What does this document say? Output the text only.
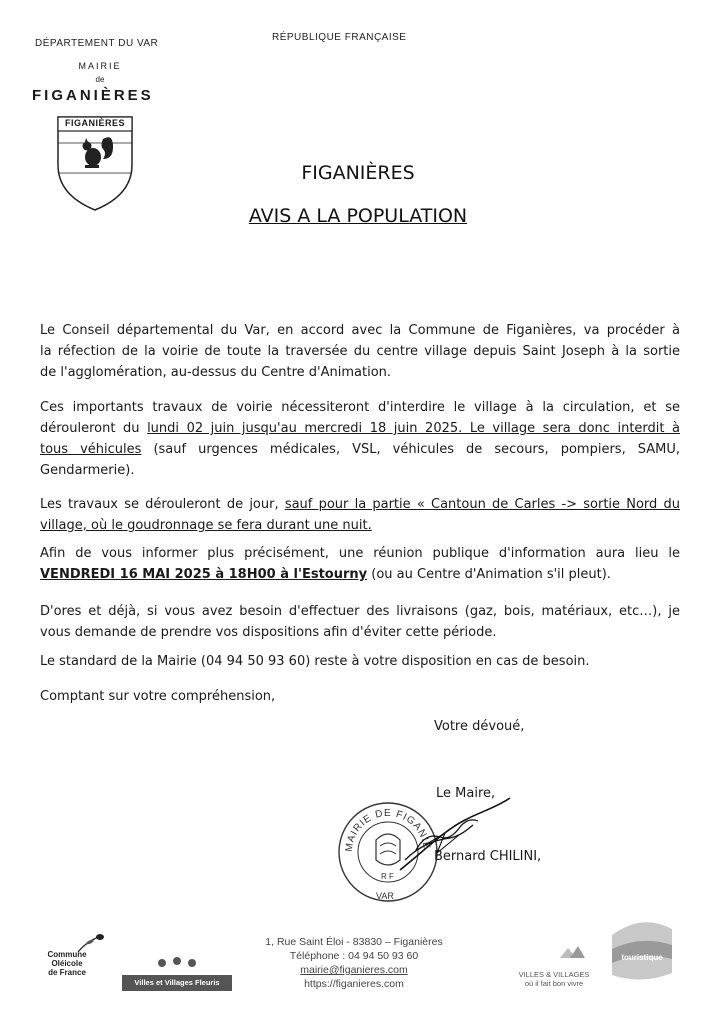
DÉPARTEMENT DU VAR
RÉPUBLIQUE FRANÇAISE
MAIRIE
de
FIGANIÈRES
FIGANIÈRES
FIGANIÈRES
AVIS A LA POPULATION
Le Conseil départemental du Var, en accord avec la Commune de Figanières, va procéder à
la réfection de la voirie de toute la traversée du centre village depuis Saint Joseph à la sortie
de l'agglomération, au-dessus du Centre d'Animation.
Ces importants travaux de voirie nécessiteront d'interdire le village à la circulation, et se
dérouleront du lundi 02 juin jusqu'au mercredi 18 juin 2025. Le village sera donc interdit à
tous véhicules (sauf urgences médicales, VSL, véhicules de secours, pompiers, SAMU,
Gendarmerie).
Les travaux se dérouleront de jour, sauf pour la partie « Cantoun de Carles -> sortie Nord du
village, où le goudronnage se fera durant une nuit.
Afin de vous informer plus précisément, une réunion publique d'information aura lieu le
VENDREDI 16 MAI 2025 à 18H00 à l'Estourny (ou au Centre d'Animation s'il pleut).
D'ores et déjà, si vous avez besoin d'effectuer des livraisons (gaz, bois, matériaux, etc…), je
vous demande de prendre vos dispositions afin d'éviter cette période.
Le standard de la Mairie (04 94 50 93 60) reste à votre disposition en cas de besoin.
Comptant sur votre compréhension,
Votre dévoué,
Le Maire,
MAIRIE DE FIGANIÈ
R F
VAR
Bernard CHILINI,
1, Rue Saint Éloi - 83830 – Figanières
Téléphone : 04 94 50 93 60
mairie@figanieres.com
https://figanieres.com
Commune
Oléicole
de France
Villes et Villages Fleuris
VILLES & VILLAGES
où il fait bon vivre
touristique
